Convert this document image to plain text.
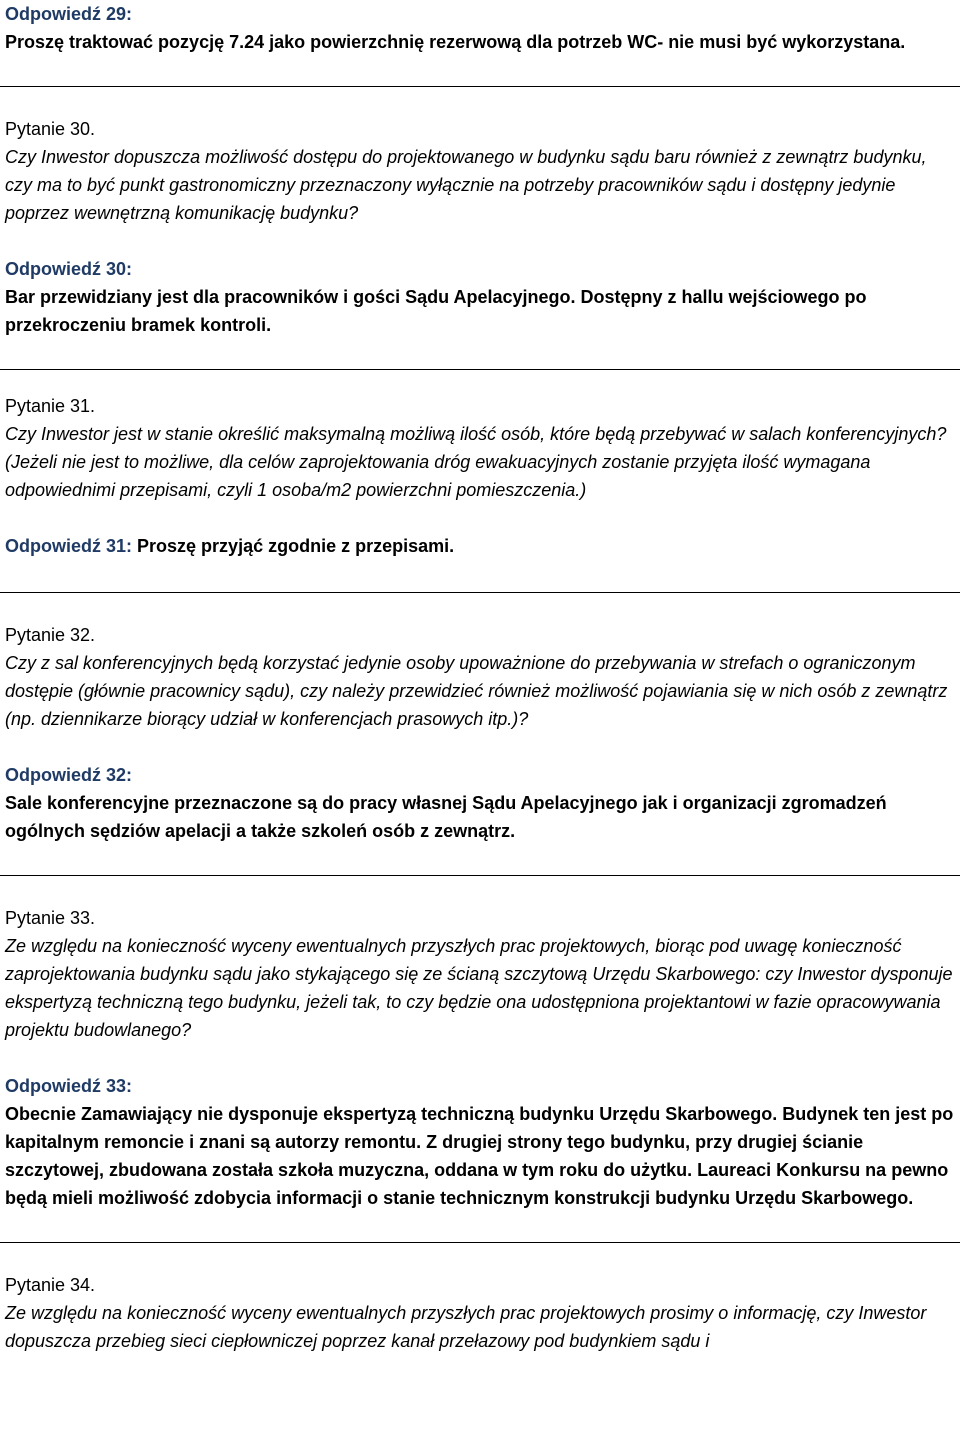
Odpowiedź 29:
Proszę traktować pozycję 7.24 jako powierzchnię rezerwową dla potrzeb WC- nie musi być wykorzystana.

Pytanie 30.

Czy Inwestor dopuszcza możliwość dostępu do projektowanego w budynku sądu baru również z zewnątrz budynku, czy ma to być punkt gastronomiczny przeznaczony wyłącznie na potrzeby pracowników sądu i dostępny jedynie poprzez wewnętrzną komunikację budynku?

Odpowiedź 30:

Bar przewidziany jest dla pracowników i gości Sądu Apelacyjnego. Dostępny z hallu wejściowego po przekroczeniu bramek kontroli.

Pytanie 31.

Czy Inwestor jest w stanie określić maksymalną możliwą ilość osób, które będą przebywać w salach konferencyjnych? (Jeżeli nie jest to możliwe, dla celów zaprojektowania dróg ewakuacyjnych zostanie przyjęta ilość wymagana odpowiednimi przepisami, czyli 1 osoba/m2 powierzchni pomieszczenia.)

Odpowiedź 31: Proszę przyjąć zgodnie z przepisami.

Pytanie 32.

Czy z sal konferencyjnych będą korzystać jedynie osoby upoważnione do przebywania w strefach o ograniczonym dostępie (głównie pracownicy sądu), czy należy przewidzieć również możliwość pojawiania się w nich osób z zewnątrz (np. dziennikarze biorący udział w konferencjach prasowych itp.)?

Odpowiedź 32:

Sale konferencyjne przeznaczone są do pracy własnej Sądu Apelacyjnego jak i organizacji zgromadzeń ogólnych sędziów apelacji a także szkoleń osób z zewnątrz.

Pytanie 33.

Ze względu na konieczność wyceny ewentualnych przyszłych prac projektowych, biorąc pod uwagę konieczność zaprojektowania budynku sądu jako stykającego się ze ścianą szczytową Urzędu Skarbowego: czy Inwestor dysponuje ekspertyzą techniczną tego budynku, jeżeli tak, to czy będzie ona udostępniona projektantowi w fazie opracowywania projektu budowlanego?

Odpowiedź 33:

Obecnie Zamawiający nie dysponuje ekspertyzą techniczną budynku Urzędu Skarbowego. Budynek ten jest po kapitalnym remoncie i znani są autorzy remontu. Z drugiej strony tego budynku, przy drugiej ścianie szczytowej, zbudowana została szkoła muzyczna, oddana w tym roku do użytku. Laureaci Konkursu na pewno będą mieli możliwość zdobycia informacji o stanie technicznym konstrukcji budynku Urzędu Skarbowego.

Pytanie 34.

Ze względu na konieczność wyceny ewentualnych przyszłych prac projektowych prosimy o informację, czy Inwestor dopuszcza przebieg sieci ciepłowniczej poprzez kanał przełazowy pod budynkiem sądu i
